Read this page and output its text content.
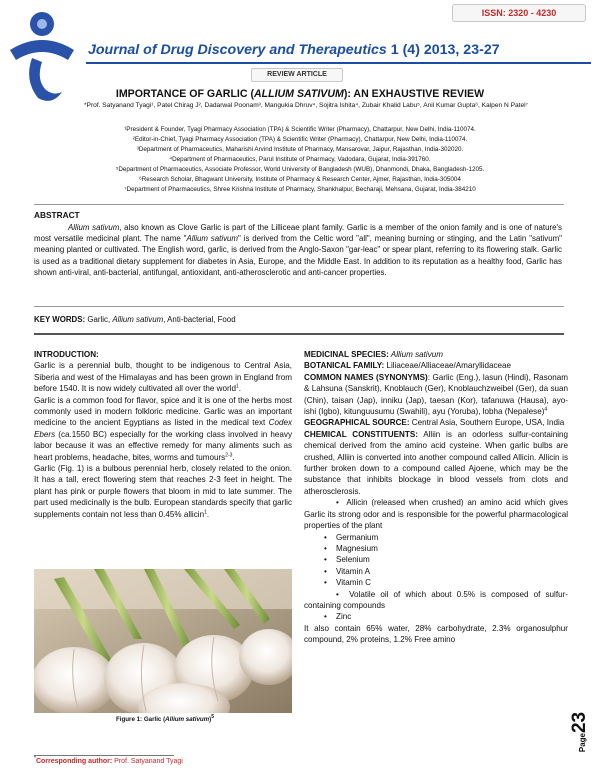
ISSN: 2320 - 4230
Journal of Drug Discovery and Therapeutics 1 (4) 2013, 23-27
REVIEW ARTICLE
IMPORTANCE OF GARLIC (ALLIUM SATIVUM): AN EXHAUSTIVE REVIEW
*Prof. Satyanand Tyagi¹, Patel Chirag J², Dadarwal Poonam³, Mangukia Dhruv⁴, Sojitra Ishita⁴, Zubair Khalid Labu⁵, Anil Kumar Gupta⁶, Kalpen N Patel⁷
¹President & Founder, Tyagi Pharmacy Association (TPA) & Scientific Writer (Pharmacy), Chattarpur, New Delhi, India-110074.
²Editor-in-Chief, Tyagi Pharmacy Association (TPA) & Scientific Writer (Pharmacy), Chattarpur, New Delhi, India-110074.
³Department of Pharmaceutics, Maharishi Arvind Institute of Pharmacy, Mansarovar, Jaipur, Rajasthan, India-302020.
⁴Department of Pharmaceutics, Parul Institute of Pharmacy, Vadodara, Gujarat, India-391760.
⁵Department of Pharmaceutics, Associate Professor, World University of Bangladesh (WUB), Dhanmondi, Dhaka, Bangladesh-1205.
⁶Research Scholar, Bhagwant University, Institute of Pharmacy & Research Center, Ajmer, Rajasthan, India-305004
⁷Department of Pharmaceutics, Shree Krishna Institute of Pharmacy, Shankhalpur, Becharaji, Mehsana, Gujarat, India-384210
ABSTRACT
Allium sativum, also known as Clove Garlic is part of the Lilliceae plant family. Garlic is a member of the onion family and is one of nature's most versatile medicinal plant. The name "Allium sativum" is derived from the Celtic word "all", meaning burning or stinging, and the Latin "sativum" meaning planted or cultivated. The English word, garlic, is derived from the Anglo-Saxon "gar-leac" or spear plant, referring to its flowering stalk. Garlic is used as a traditional dietary supplement for diabetes in Asia, Europe, and the Middle East. In addition to its reputation as a healthy food, Garlic has shown anti-viral, anti-bacterial, antifungal, antioxidant, anti-atherosclerotic and anti-cancer properties.
KEY WORDS: Garlic, Allium sativum, Anti-bacterial, Food

INTRODUCTION:

Garlic is a perennial bulb, thought to be indigenous to Central Asia, Siberia and west of the Himalayas and has been grown in England from before 1540. It is now widely cultivated all over the world$^1$.

Garlic is a common food for flavor, spice and it is one of the herbs most commonly used in modern folkloric medicine. Garlic was an important medicine to the ancient Egyptians as listed in the medical text Codex Ebers (ca.1550 BC) especially for the working class involved in heavy labor because it was an effective remedy for many aliments such as heart problems, headache, bites, worms and tumours$^{2-3}$.

Garlic (Fig. 1) is a bulbous perennial herb, closely related to the onion. It has a tall, erect flowering stem that reaches 2-3 feet in height. The plant has pink or purple flowers that bloom in mid to late summer. The part used medicinally is the bulb. European standards specify that garlic supplements contain not less than 0.45% allicin$^1$.

Figure 1: Garlic (Allium sativum)$^5$

MEDICINAL SPECIES: Allium sativum

BOTANICAL FAMILY: Liliaceae/Alliaceae/Amaryllidaceae

COMMON NAMES (SYNONYMS): Garlic (Eng.), lasun (Hindi), Rasonam & Lahsuna (Sanskrit), Knoblauch (Ger), Knoblauchzweibel (Ger), da suan (Chin), taisan (Jap), inniku (Jap), taesan (Kor), tafanuwa (Hausa), ayo-ishi (Igbo), kitunguusumu (Swahili), ayu (Yoruba), lobha (Nepalese)$^4$

GEOGRAPHICAL SOURCE: Central Asia, Southern Europe, USA, India

CHEMICAL CONSTITUENTS: Alliin is an odorless sulfur-containing chemical derived from the amino acid cysteine. When garlic bulbs are crushed, Alliin is converted into another compound called Allicin. Allicin is further broken down to a compound called Ajoene, which may be the substance that inhibits blockage in blood vessels from clots and atherosclerosis.

•  Allicin (released when crushed) an amino acid which gives Garlic its strong odor and is responsible for the powerful pharmacological properties of the plant

• Germanium
• Magnesium
• Selenium
• Vitamin A
• Vitamin C

•  Volatile oil of which about 0.5% is composed of sulfur-containing compounds

• Zinc

It also contain 65% water, 28% carbohydrate, 2.3% organosulphur compound, 2% proteins, 1.2% Free amino

Page23
*Corresponding author: Prof. Satyanand Tyagi
